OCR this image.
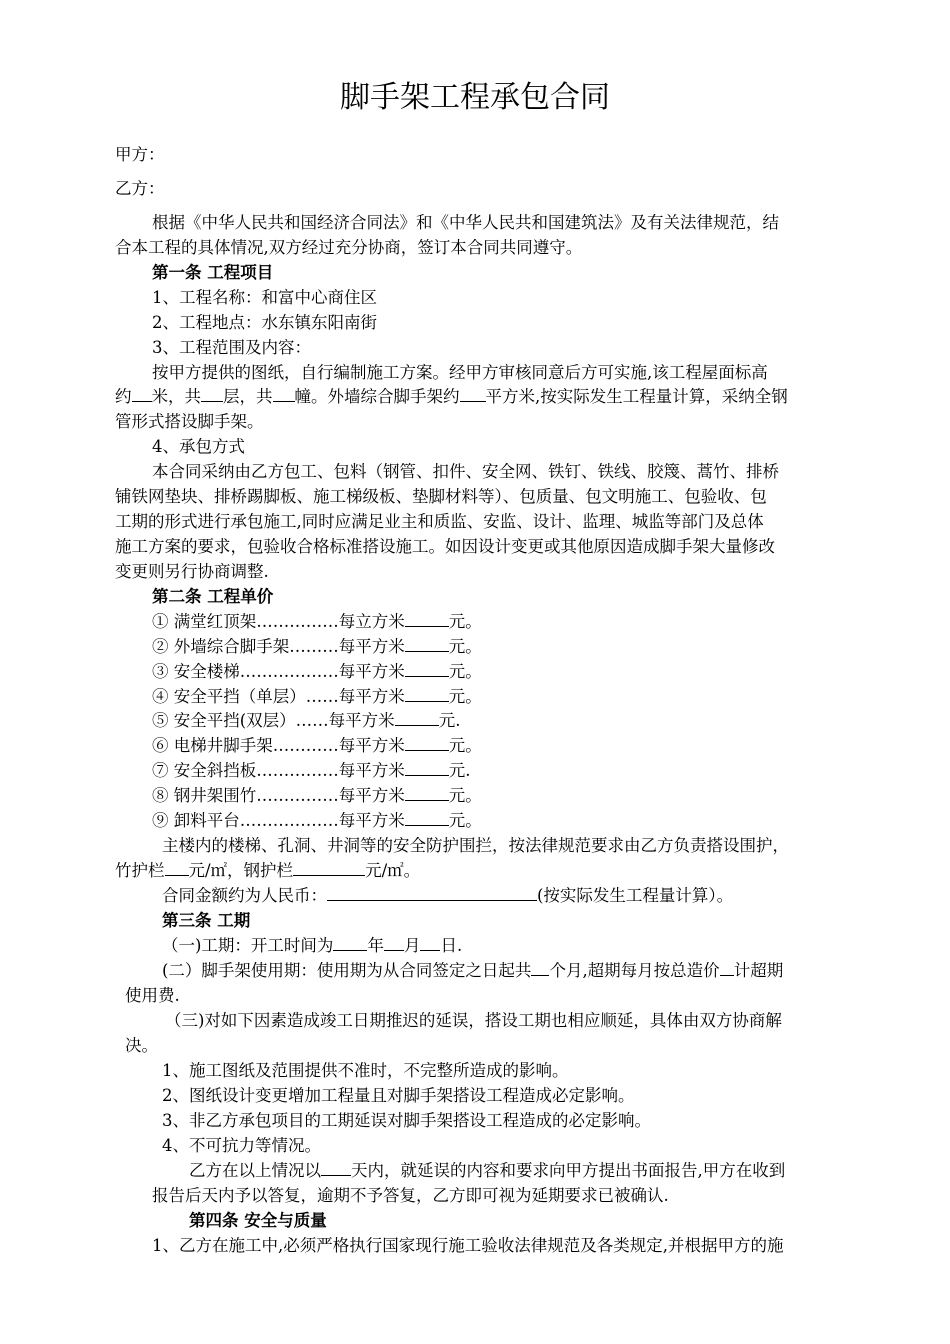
脚手架工程承包合同
甲方：
乙方：
根据《中华人民共和国经济合同法》和《中华人民共和国建筑法》及有关法律规范，结
合本工程的具体情况,双方经过充分协商，签订本合同共同遵守。
第一条 工程项目
1、工程名称：和富中心商住区
2、工程地点：水东镇东阳南街
3、工程范围及内容：
按甲方提供的图纸，自行编制施工方案。经甲方审核同意后方可实施,该工程屋面标高
约 米，共 层，共 幢。外墙综合脚手架约 平方米,按实际发生工程量计算，采纳全钢
管形式搭设脚手架。
4、承包方式
本合同采纳由乙方包工、包料（钢管、扣件、安全网、铁钉、铁线、胶篾、蒿竹、排桥
铺铁网垫块、排桥踢脚板、施工梯级板、垫脚材料等）、包质量、包文明施工、包验收、包
工期的形式进行承包施工,同时应满足业主和质监、安监、设计、监理、城监等部门及总体
施工方案的要求，包验收合格标准搭设施工。如因设计变更或其他原因造成脚手架大量修改
变更则另行协商调整.
第二条 工程单价
① 满堂红顶架……………每立方米	元。
② 外墙综合脚手架………每平方米	元。
③ 安全楼梯………………每平方米	元。
④ 安全平挡（单层）……每平方米	元。
⑤ 安全平挡(双层）……每平方米	元.
⑥ 电梯井脚手架…………每平方米	元。
⑦ 安全斜挡板……………每平方米	元.
⑧ 钢井架围竹……………每平方米	元。
⑨ 卸料平台………………每平方米	元。
主楼内的楼梯、孔洞、井洞等的安全防护围拦，按法律规范要求由乙方负责搭设围护，
竹护栏 元/㎡，钢护栏	元/㎡。
合同金额约为人民币：	(按实际发生工程量计算）。
第三条 工期
（一)工期：开工时间为 年 月 日.
(二）脚手架使用期：使用期为从合同签定之日起共 个月,超期每月按总造价 计超期
使用费.
（三)对如下因素造成竣工日期推迟的延误，搭设工期也相应顺延，具体由双方协商解
决。
1、施工图纸及范围提供不准时，不完整所造成的影响。
2、图纸设计变更增加工程量且对脚手架搭设工程造成必定影响。
3、非乙方承包项目的工期延误对脚手架搭设工程造成的必定影响。
4、不可抗力等情况。
乙方在以上情况以 天内，就延误的内容和要求向甲方提出书面报告,甲方在收到
报告后天内予以答复，逾期不予答复，乙方即可视为延期要求已被确认.
第四条 安全与质量
1、乙方在施工中,必须严格执行国家现行施工验收法律规范及各类规定,并根据甲方的施
